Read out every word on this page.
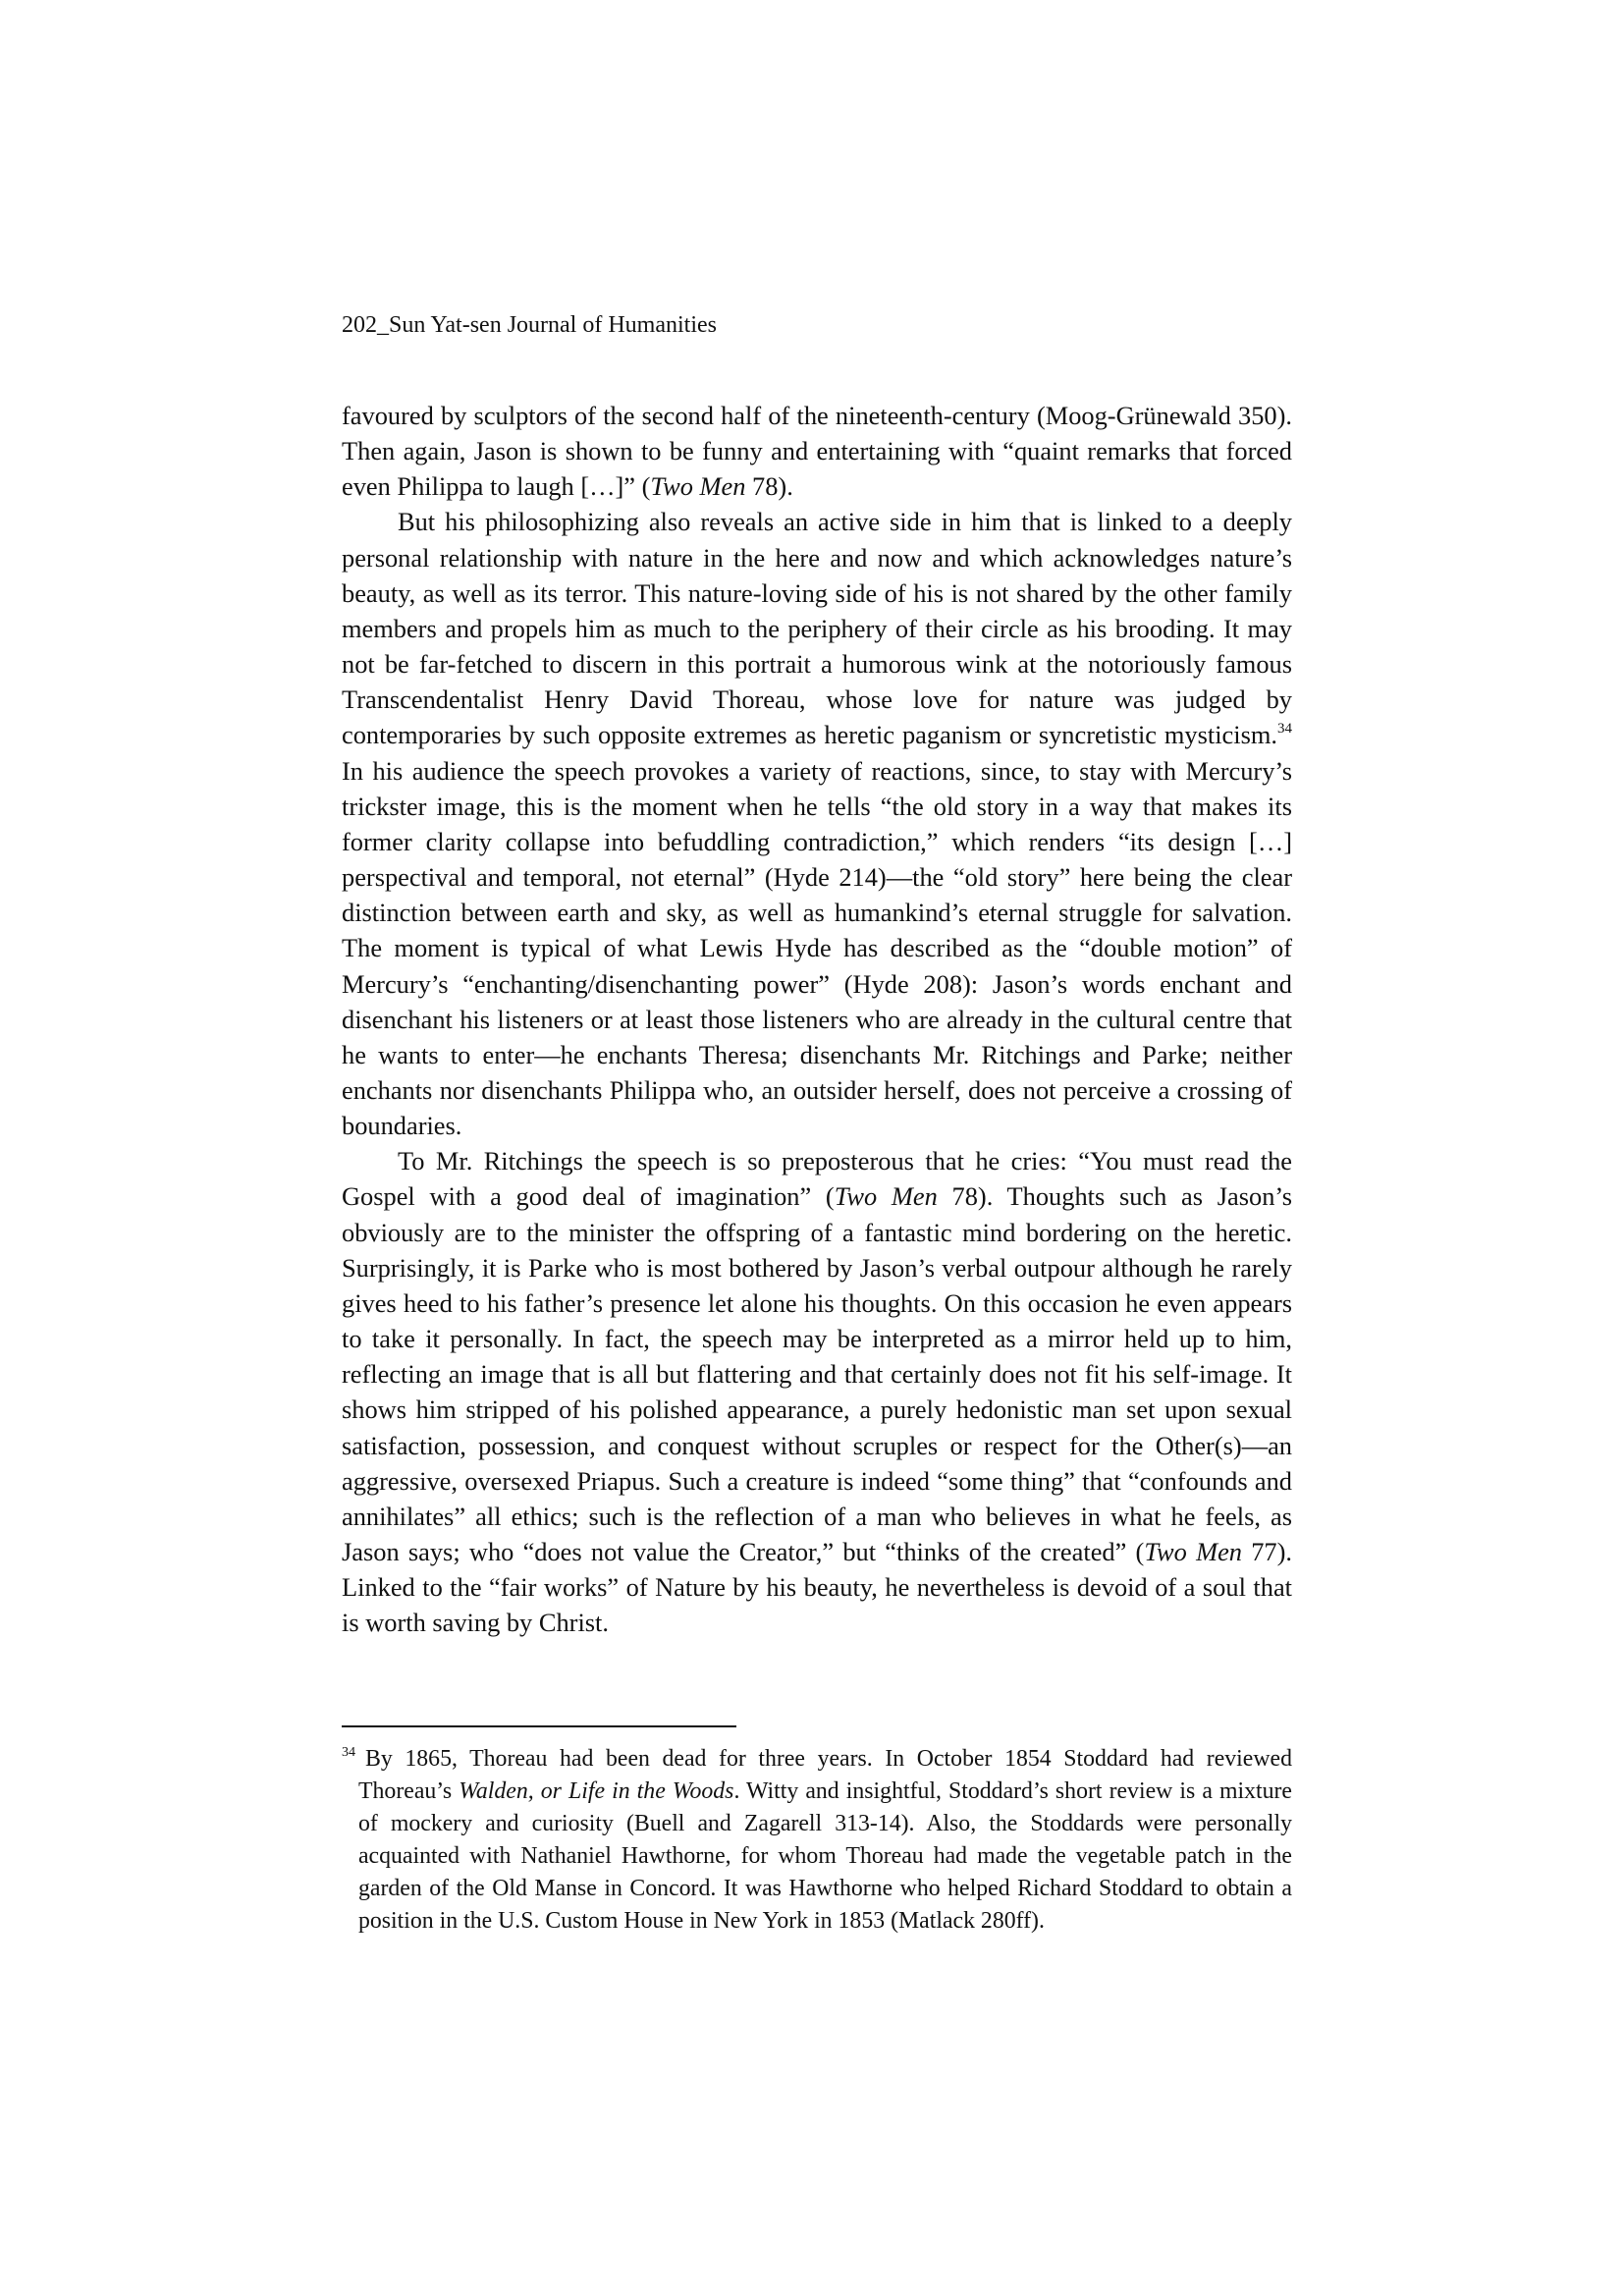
202_Sun Yat-sen Journal of Humanities

favoured by sculptors of the second half of the nineteenth-century (Moog-Grünewald 350). Then again, Jason is shown to be funny and entertaining with “quaint remarks that forced even Philippa to laugh […]” (Two Men 78).

But his philosophizing also reveals an active side in him that is linked to a deeply personal relationship with nature in the here and now and which acknowledges nature’s beauty, as well as its terror. This nature-loving side of his is not shared by the other family members and propels him as much to the periphery of their circle as his brooding. It may not be far-fetched to discern in this portrait a humorous wink at the notoriously famous Transcendentalist Henry David Thoreau, whose love for nature was judged by contemporaries by such opposite extremes as heretic paganism or syncretistic mysticism.$^{34}$ In his audience the speech provokes a variety of reactions, since, to stay with Mercury’s trickster image, this is the moment when he tells “the old story in a way that makes its former clarity collapse into befuddling contradiction,” which renders “its design […] perspectival and temporal, not eternal” (Hyde 214)—the “old story” here being the clear distinction between earth and sky, as well as humankind’s eternal struggle for salvation. The moment is typical of what Lewis Hyde has described as the “double motion” of Mercury’s “enchanting/disenchanting power” (Hyde 208): Jason’s words enchant and disenchant his listeners or at least those listeners who are already in the cultural centre that he wants to enter—he enchants Theresa; disenchants Mr. Ritchings and Parke; neither enchants nor disenchants Philippa who, an outsider herself, does not perceive a crossing of boundaries.

To Mr. Ritchings the speech is so preposterous that he cries: “You must read the Gospel with a good deal of imagination” (Two Men 78). Thoughts such as Jason’s obviously are to the minister the offspring of a fantastic mind bordering on the heretic. Surprisingly, it is Parke who is most bothered by Jason’s verbal outpour although he rarely gives heed to his father’s presence let alone his thoughts. On this occasion he even appears to take it personally. In fact, the speech may be interpreted as a mirror held up to him, reflecting an image that is all but flattering and that certainly does not fit his self-image. It shows him stripped of his polished appearance, a purely hedonistic man set upon sexual satisfaction, possession, and conquest without scruples or respect for the Other(s)—an aggressive, oversexed Priapus. Such a creature is indeed “some thing” that “confounds and annihilates” all ethics; such is the reflection of a man who believes in what he feels, as Jason says; who “does not value the Creator,” but “thinks of the created” (Two Men 77). Linked to the “fair works” of Nature by his beauty, he nevertheless is devoid of a soul that is worth saving by Christ.

$^{34}$ By 1865, Thoreau had been dead for three years. In October 1854 Stoddard had reviewed Thoreau’s Walden, or Life in the Woods. Witty and insightful, Stoddard’s short review is a mixture of mockery and curiosity (Buell and Zagarell 313-14). Also, the Stoddards were personally acquainted with Nathaniel Hawthorne, for whom Thoreau had made the vegetable patch in the garden of the Old Manse in Concord. It was Hawthorne who helped Richard Stoddard to obtain a position in the U.S. Custom House in New York in 1853 (Matlack 280ff).
